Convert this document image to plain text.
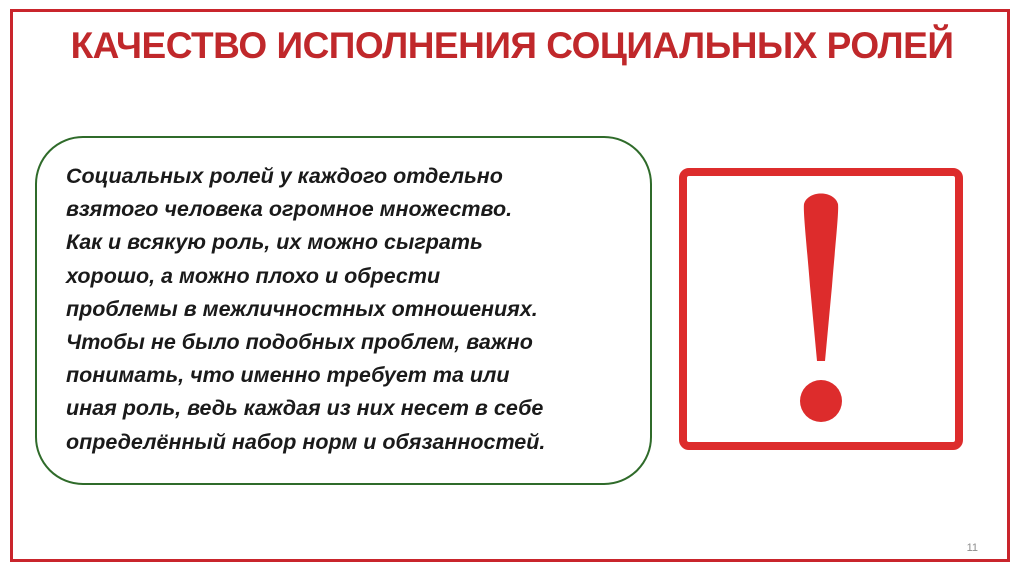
КАЧЕСТВО ИСПОЛНЕНИЯ СОЦИАЛЬНЫХ РОЛЕЙ

Социальных ролей у каждого отдельно
взятого человека огромное множество.
Как и всякую роль, их можно сыграть
хорошо, а можно плохо и обрести
проблемы в межличностных отношениях.
Чтобы не было подобных проблем, важно
понимать, что именно требует та или
иная роль, ведь каждая из них несет в себе
определённый набор норм и обязанностей.

11
